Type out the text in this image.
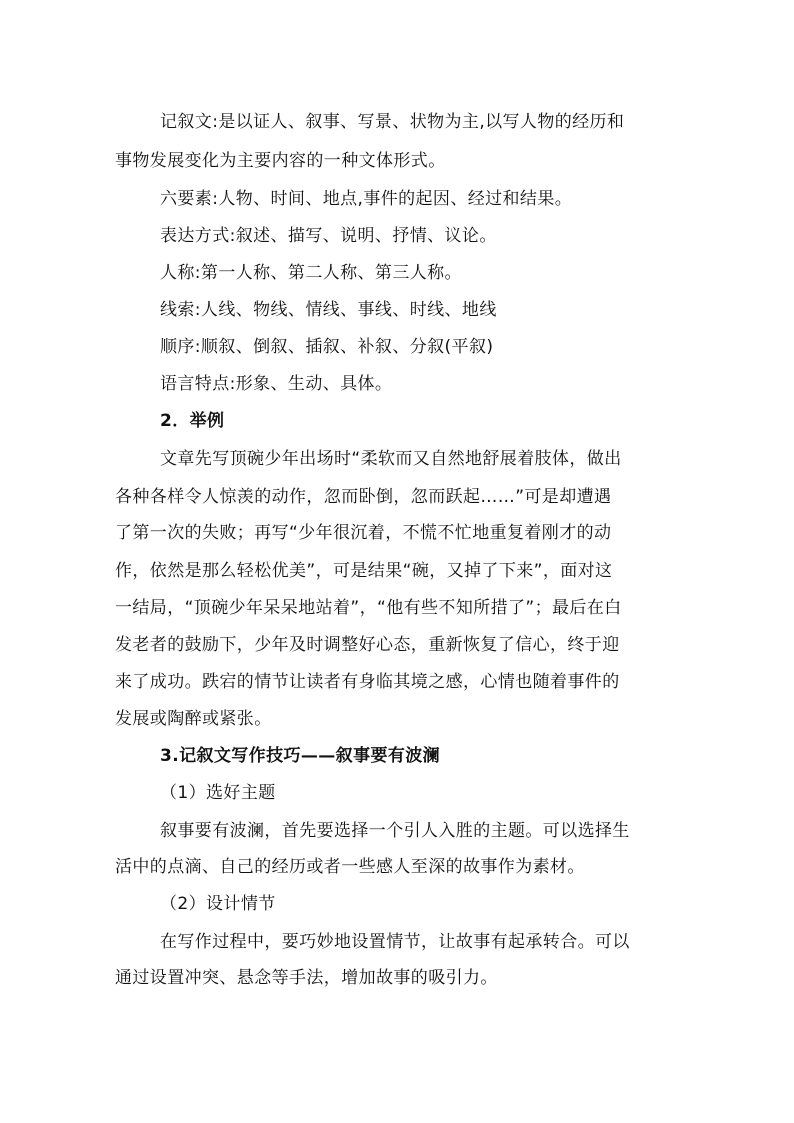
记叙文:是以证人、叙事、写景、状物为主,以写人物的经历和
事物发展变化为主要内容的一种文体形式。
六要素:人物、时间、地点,事件的起因、经过和结果。
表达方式:叙述、描写、说明、抒情、议论。
人称:第一人称、第二人称、第三人称。
线索:人线、物线、情线、事线、时线、地线
顺序:顺叙、倒叙、插叙、补叙、分叙(平叙)
语言特点:形象、生动、具体。
2．举例
文章先写顶碗少年出场时“柔软而又自然地舒展着肢体，做出
各种各样令人惊羡的动作，忽而卧倒，忽而跃起……”可是却遭遇
了第一次的失败；再写“少年很沉着，不慌不忙地重复着刚才的动
作，依然是那么轻松优美”，可是结果“碗，又掉了下来”，面对这
一结局，“顶碗少年呆呆地站着”，“他有些不知所措了”；最后在白
发老者的鼓励下，少年及时调整好心态，重新恢复了信心，终于迎
来了成功。跌宕的情节让读者有身临其境之感，心情也随着事件的
发展或陶醉或紧张。
3.记叙文写作技巧——叙事要有波澜
（1）选好主题
叙事要有波澜，首先要选择一个引人入胜的主题。可以选择生
活中的点滴、自己的经历或者一些感人至深的故事作为素材。
（2）设计情节
在写作过程中，要巧妙地设置情节，让故事有起承转合。可以
通过设置冲突、悬念等手法，增加故事的吸引力。
